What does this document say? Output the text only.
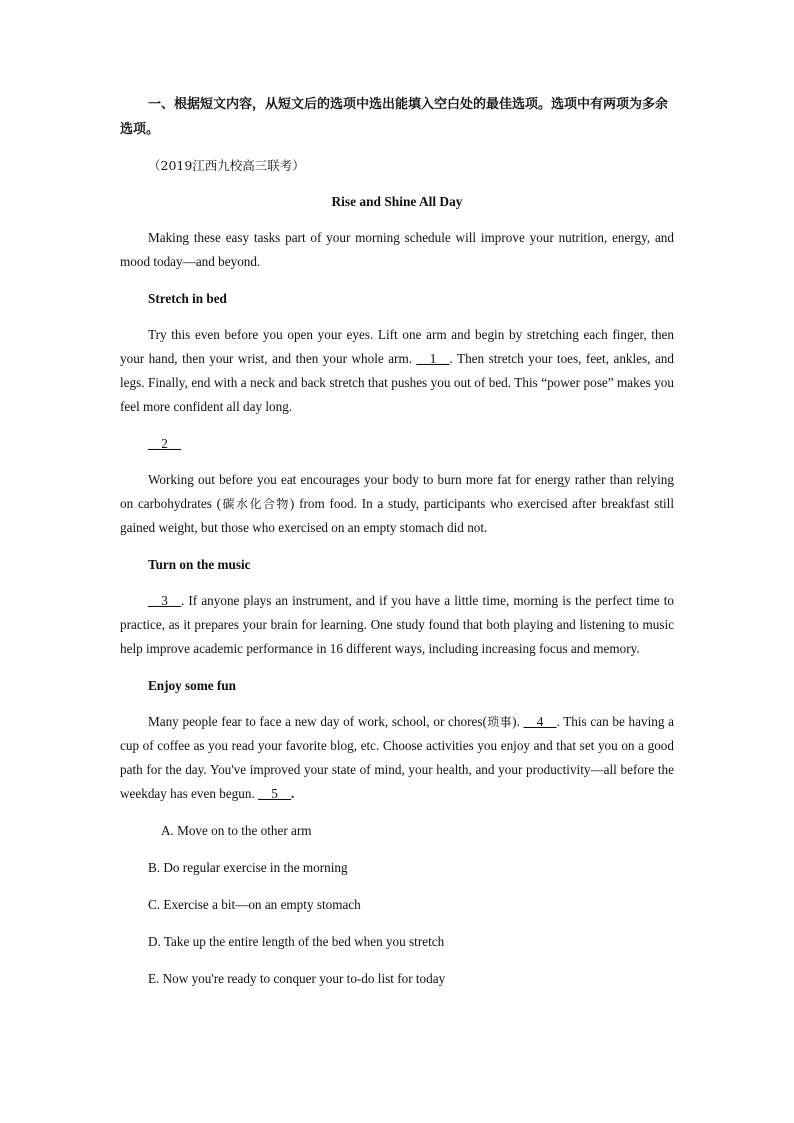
一、根据短文内容，从短文后的选项中选出能填入空白处的最佳选项。选项中有两项为多余选项。

（2019江西九校高三联考）
Rise and Shine All Day

Making these easy tasks part of your morning schedule will improve your nutrition, energy, and mood today—and beyond.

Stretch in bed

Try this even before you open your eyes. Lift one arm and begin by stretching each finger, then your hand, then your wrist, and then your whole arm. __1__. Then stretch your toes, feet, ankles, and legs. Finally, end with a neck and back stretch that pushes you out of bed. This “power pose” makes you feel more confident all day long.

__2__

Working out before you eat encourages your body to burn more fat for energy rather than relying on carbohydrates (碳水化合物) from food. In a study, participants who exercised after breakfast still gained weight, but those who exercised on an empty stomach did not.

Turn on the music

__3__. If anyone plays an instrument, and if you have a little time, morning is the perfect time to practice, as it prepares your brain for learning. One study found that both playing and listening to music help improve academic performance in 16 different ways, including increasing focus and memory.

Enjoy some fun

Many people fear to face a new day of work, school, or chores(琐事). __4__. This can be having a cup of coffee as you read your favorite blog, etc. Choose activities you enjoy and that set you on a good path for the day. You've improved your state of mind, your health, and your productivity—all before the weekday has even begun. __5__.

A. Move on to the other arm
B. Do regular exercise in the morning
C. Exercise a bit—on an empty stomach
D. Take up the entire length of the bed when you stretch
E. Now you're ready to conquer your to-do list for today
